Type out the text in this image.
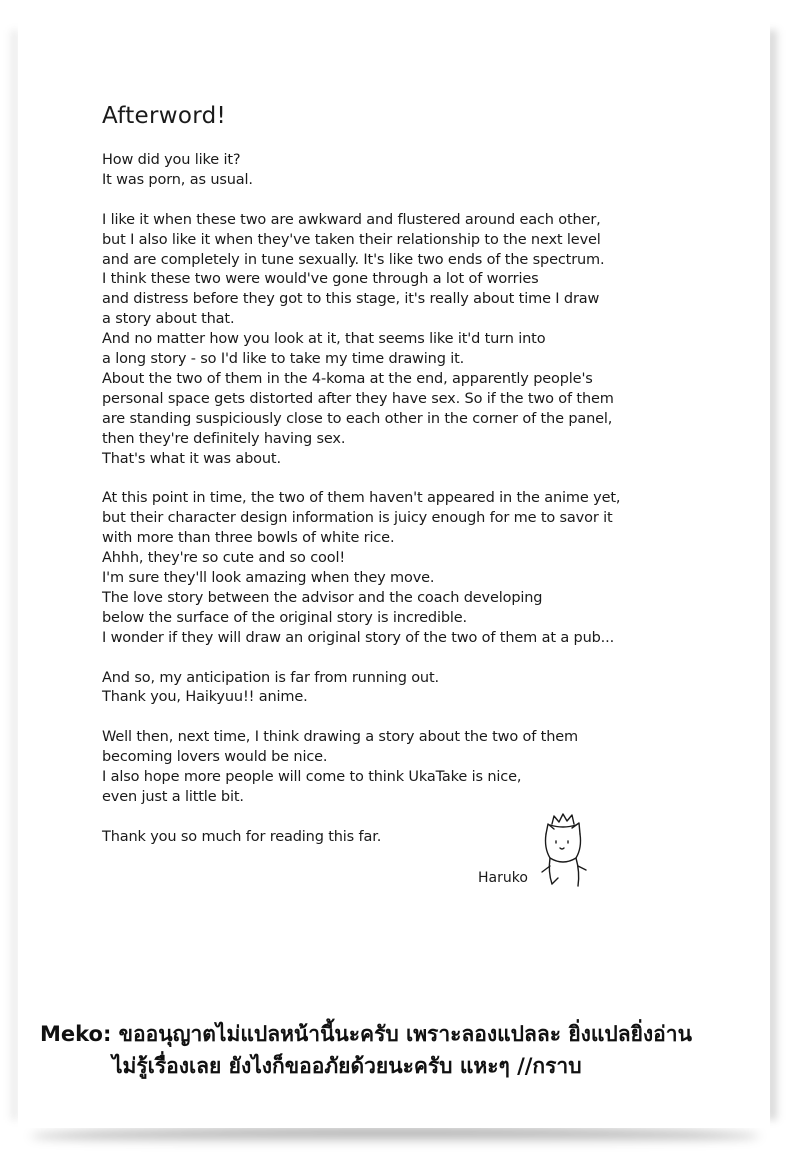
Afterword!
How did you like it?
It was porn, as usual.
I like it when these two are awkward and flustered around each other,
but I also like it when they've taken their relationship to the next level
and are completely in tune sexually. It's like two ends of the spectrum.
I think these two were would've gone through a lot of worries
and distress before they got to this stage, it's really about time I draw
a story about that.
And no matter how you look at it, that seems like it'd turn into
a long story - so I'd like to take my time drawing it.
About the two of them in the 4-koma at the end, apparently people's
personal space gets distorted after they have sex. So if the two of them
are standing suspiciously close to each other in the corner of the panel,
then they're definitely having sex.
That's what it was about.
At this point in time, the two of them haven't appeared in the anime yet,
but their character design information is juicy enough for me to savor it
with more than three bowls of white rice.
Ahhh, they're so cute and so cool!
I'm sure they'll look amazing when they move.
The love story between the advisor and the coach developing
below the surface of the original story is incredible.
I wonder if they will draw an original story of the two of them at a pub...
And so, my anticipation is far from running out.
Thank you, Haikyuu!! anime.
Well then, next time, I think drawing a story about the two of them
becoming lovers would be nice.
I also hope more people will come to think UkaTake is nice,
even just a little bit.
Thank you so much for reading this far.
Haruko
Meko: ขออนุญาตไม่แปลหน้านี้นะครับ เพราะลองแปลละ ยิ่งแปลยิ่งอ่าน
ไม่รู้เรื่องเลย ยังไงก็ขออภัยด้วยนะครับ แหะๆ //กราบ
